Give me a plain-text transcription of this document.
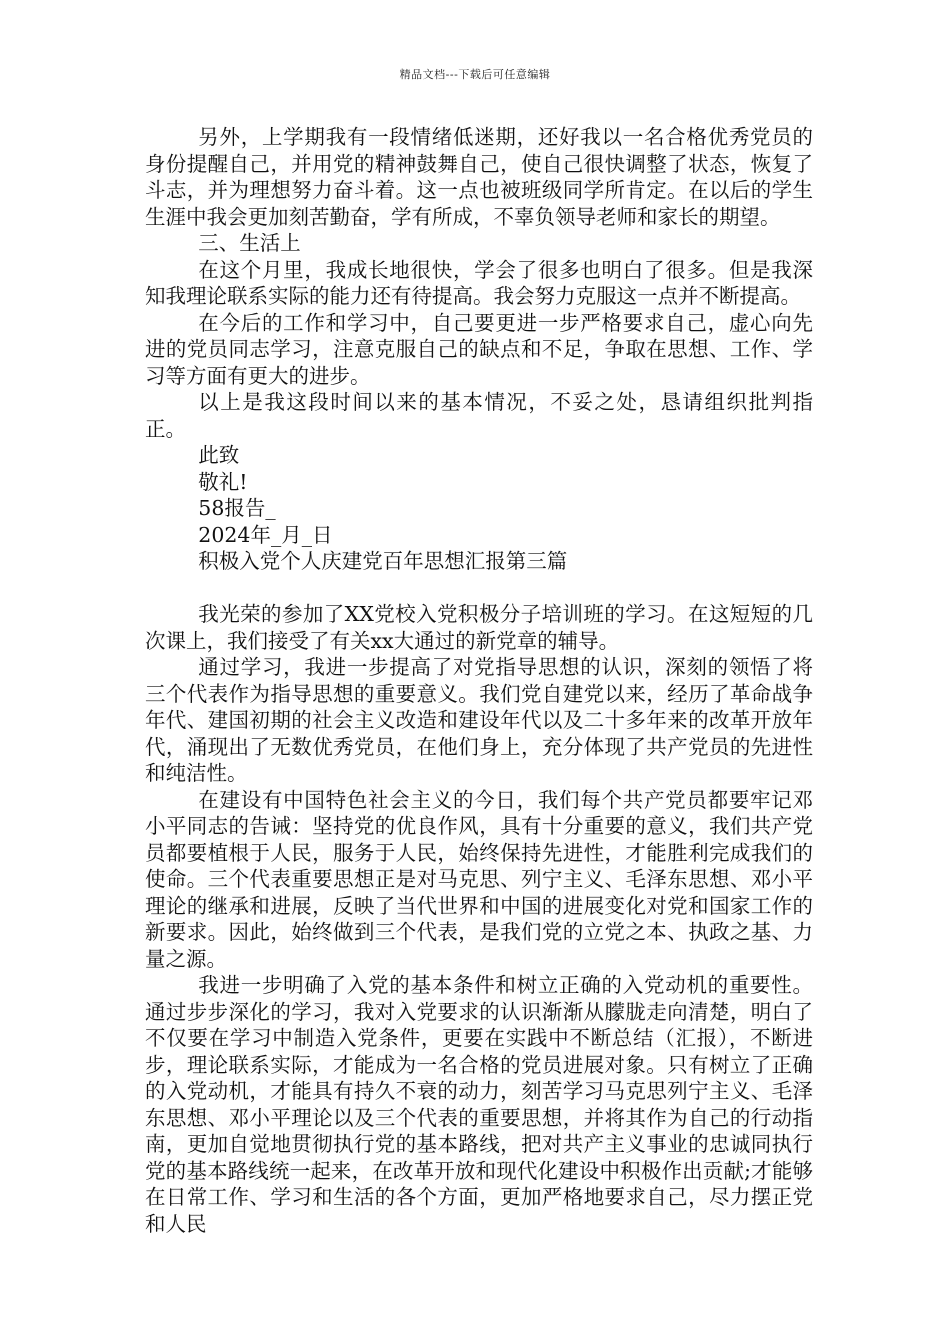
精品文档---下载后可任意编辑

另外，上学期我有一段情绪低迷期，还好我以一名合格优秀党员的身份提醒自己，并用党的精神鼓舞自己，使自己很快调整了状态，恢复了斗志，并为理想努力奋斗着。这一点也被班级同学所肯定。在以后的学生生涯中我会更加刻苦勤奋，学有所成，不辜负领导老师和家长的期望。

三、生活上

在这个月里，我成长地很快，学会了很多也明白了很多。但是我深知我理论联系实际的能力还有待提高。我会努力克服这一点并不断提高。

在今后的工作和学习中，自己要更进一步严格要求自己，虚心向先进的党员同志学习，注意克服自己的缺点和不足，争取在思想、工作、学习等方面有更大的进步。

以上是我这段时间以来的基本情况，不妥之处，恳请组织批判指正。

此致

敬礼!

58报告_

2024年_月_日

积极入党个人庆建党百年思想汇报第三篇

我光荣的参加了XX党校入党积极分子培训班的学习。在这短短的几次课上，我们接受了有关xx大通过的新党章的辅导。

通过学习，我进一步提高了对党指导思想的认识，深刻的领悟了将三个代表作为指导思想的重要意义。我们党自建党以来，经历了革命战争年代、建国初期的社会主义改造和建设年代以及二十多年来的改革开放年代，涌现出了无数优秀党员，在他们身上，充分体现了共产党员的先进性和纯洁性。

在建设有中国特色社会主义的今日，我们每个共产党员都要牢记邓小平同志的告诫：坚持党的优良作风，具有十分重要的意义，我们共产党员都要植根于人民，服务于人民，始终保持先进性，才能胜利完成我们的使命。三个代表重要思想正是对马克思、列宁主义、毛泽东思想、邓小平理论的继承和进展，反映了当代世界和中国的进展变化对党和国家工作的新要求。因此，始终做到三个代表，是我们党的立党之本、执政之基、力量之源。

我进一步明确了入党的基本条件和树立正确的入党动机的重要性。通过步步深化的学习，我对入党要求的认识渐渐从朦胧走向清楚，明白了不仅要在学习中制造入党条件，更要在实践中不断总结（汇报），不断进步，理论联系实际，才能成为一名合格的党员进展对象。只有树立了正确的入党动机，才能具有持久不衰的动力，刻苦学习马克思列宁主义、毛泽东思想、邓小平理论以及三个代表的重要思想，并将其作为自己的行动指南，更加自觉地贯彻执行党的基本路线，把对共产主义事业的忠诚同执行党的基本路线统一起来，在改革开放和现代化建设中积极作出贡献;才能够在日常工作、学习和生活的各个方面，更加严格地要求自己，尽力摆正党和人民
